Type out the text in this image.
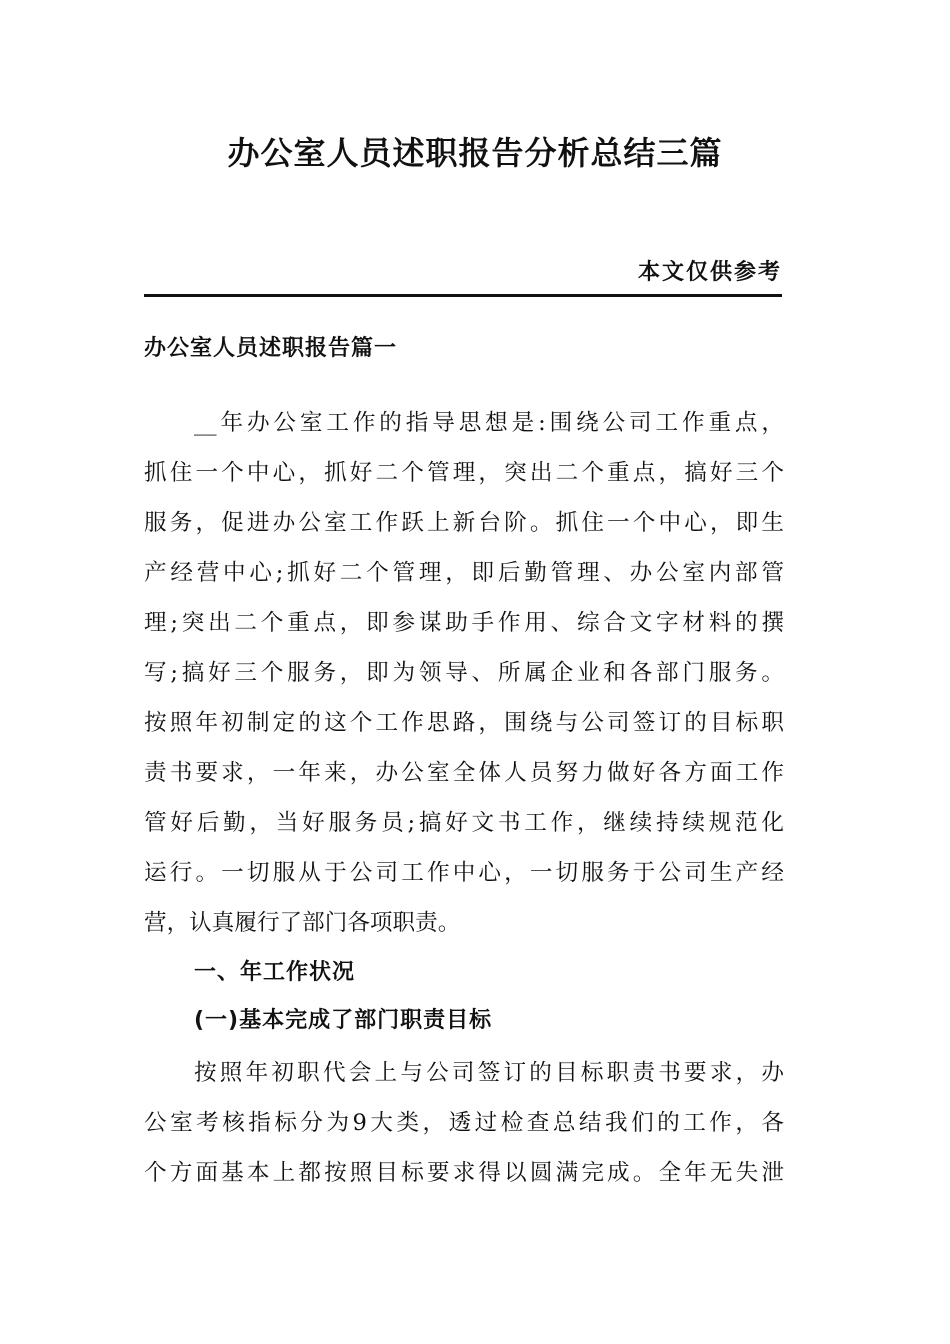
办公室人员述职报告分析总结三篇
本文仅供参考
办公室人员述职报告篇一
__年办公室工作的指导思想是:围绕公司工作重点，
抓住一个中心，抓好二个管理，突出二个重点，搞好三个
服务，促进办公室工作跃上新台阶。抓住一个中心，即生
产经营中心;抓好二个管理，即后勤管理、办公室内部管
理;突出二个重点，即参谋助手作用、综合文字材料的撰
写;搞好三个服务，即为领导、所属企业和各部门服务。
按照年初制定的这个工作思路，围绕与公司签订的目标职
责书要求，一年来，办公室全体人员努力做好各方面工作
管好后勤，当好服务员;搞好文书工作，继续持续规范化
运行。一切服从于公司工作中心，一切服务于公司生产经
营，认真履行了部门各项职责。
一、年工作状况
(一)基本完成了部门职责目标
按照年初职代会上与公司签订的目标职责书要求，办
公室考核指标分为9大类，透过检查总结我们的工作，各
个方面基本上都按照目标要求得以圆满完成。全年无失泄
